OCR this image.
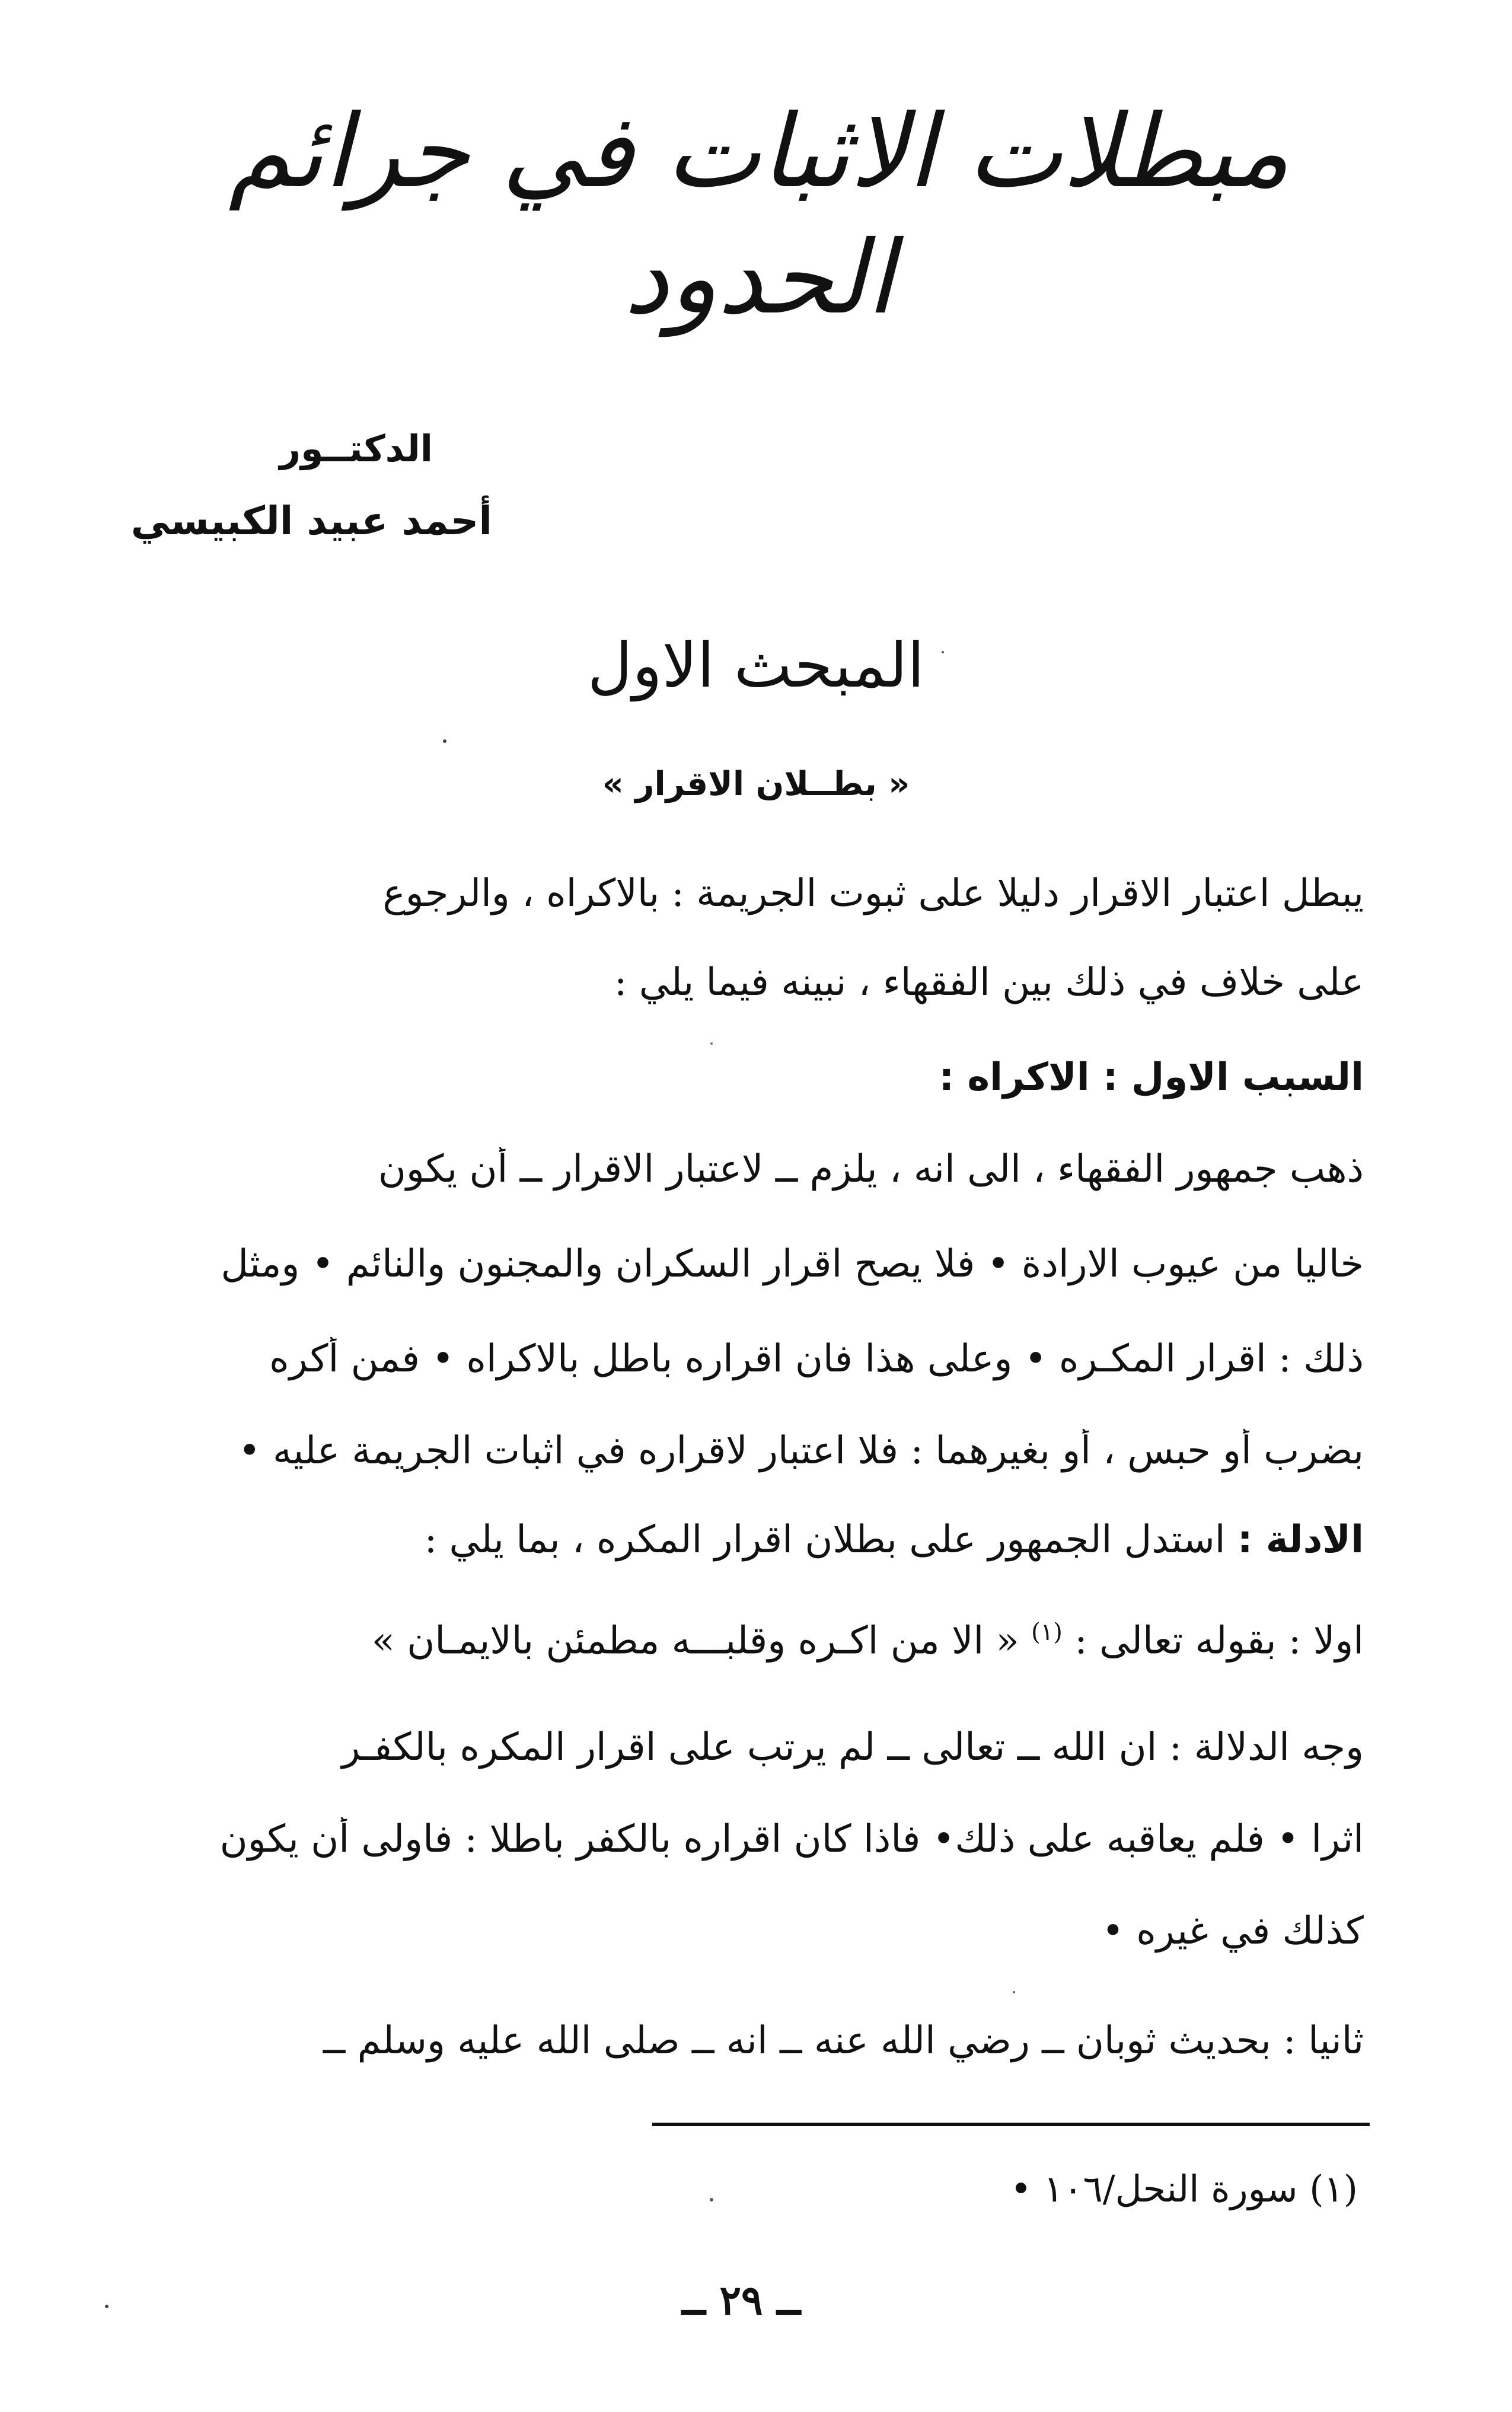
مبطلات الاثبات في جرائم الحدود
الدكتــور
أحمد عبيد الكبيسي
المبحث الاول
« بطــلان الاقرار »
يبطل اعتبار الاقرار دليلا على ثبوت الجريمة : بالاكراه ، والرجوع
على خلاف في ذلك بين الفقهاء ، نبينه فيما يلي :
السبب الاول : الاكراه :
ذهب جمهور الفقهاء ، الى انه ، يلزم ــ لاعتبار الاقرار ــ أن يكون
خاليا من عيوب الارادة • فلا يصح اقرار السكران والمجنون والنائم • ومثل
ذلك : اقرار المكـره • وعلى هذا فان اقراره باطل بالاكراه • فمن أكره
بضرب أو حبس ، أو بغيرهما : فلا اعتبار لاقراره في اثبات الجريمة عليه •
الادلة : استدل الجمهور على بطلان اقرار المكره ، بما يلي :
اولا : بقوله تعالى : $^{(١)}$ « الا من اكـره وقلبـــه مطمئن بالايمـان »
وجه الدلالة : ان الله ــ تعالى ــ لم يرتب على اقرار المكره بالكفـر
اثرا • فلم يعاقبه على ذلك• فاذا كان اقراره بالكفر باطلا : فاولى أن يكون
كذلك في غيره •
ثانيا : بحديث ثوبان ــ رضي الله عنه ــ انه ــ صلى الله عليه وسلم ــ
(١) سورة النحل/١٠٦ •
ــ ٢٩ ــ
